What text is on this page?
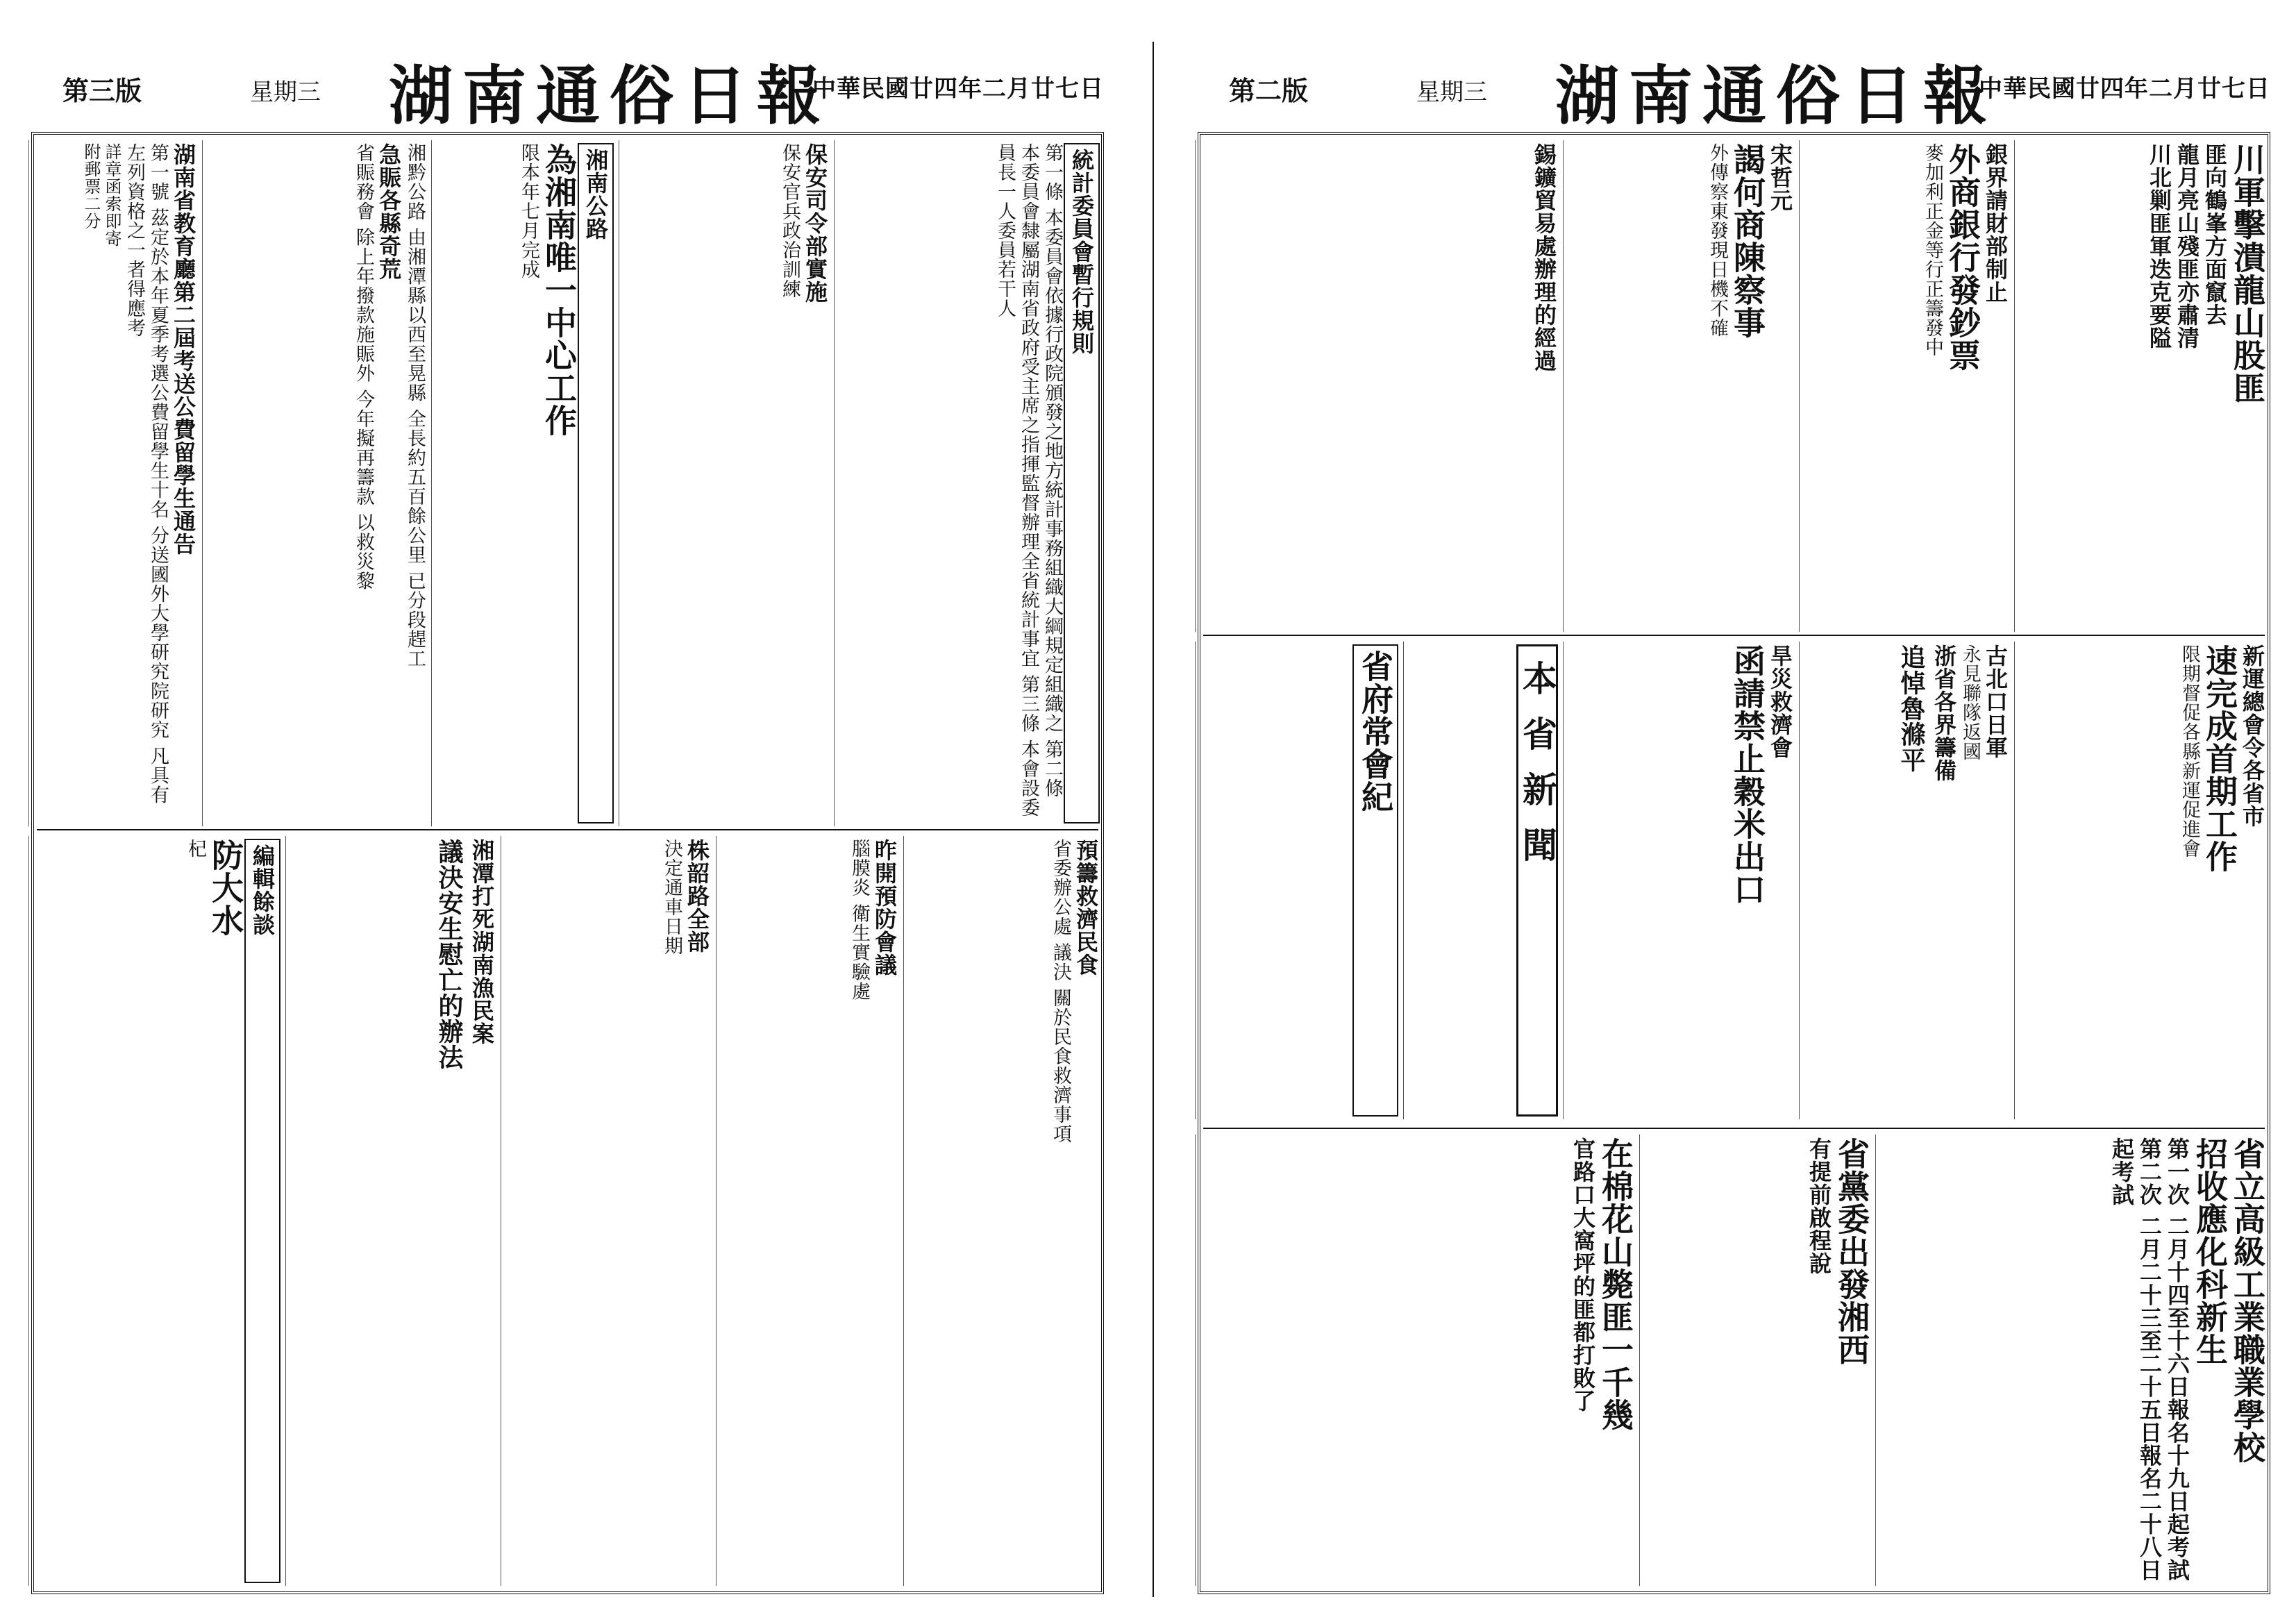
第三版	星期三 湖南通俗日報
中華民國廿四年二月廿七日
統計委員會暫行規則
第一條 本委員會依據行政院頒發之地方統計事務組織大綱規定組織之 第二條 本委員會隸屬湖南省政府受主席之指揮監督辦理全省統計事宜 第三條 本會設委員長一人委員若干人
保安司令部實施
保安官兵政治訓練
湘南公路
為湘南唯一中心工作
限本年七月完成
湘黔公路 由湘潭縣以西至晃縣 全長約五百餘公里 已分段趕工
急賑各縣奇荒
省賑務會 除上年撥款施賑外 今年擬再籌款 以救災黎
湖南省教育廳第二屆考送公費留學生通告
第一號 茲定於本年夏季考選公費留學生十名 分送國外大學研究院研究 凡具有左列資格之一者得應考
詳章函索即寄
附郵票二分
預籌救濟民食
省委辦公處 議決 關於民食救濟事項
昨開預防會議
腦膜炎 衛生實驗處
株韶路全部
決定通車日期
湘潭打死湖南漁民案
議決安生慰亡的辦法
編輯餘談
防大水
杞
第二版	星期三 湖南通俗日報
中華民國廿四年二月廿七日
川軍擊潰龍山股匪
匪向鶴峯方面竄去
龍月亮山殘匪亦肅清
川北剿匪軍迭克要隘
銀界請財部制止
外商銀行發鈔票
麥加利正金等行正籌發中
宋哲元
謁何商陳察事
外傳察東發現日機不確
錫鑛貿易處辦理的經過
新運總會令各省市
速完成首期工作
限期督促各縣新運促進會
古北口日軍
永見聯隊返國
浙省各界籌備
追悼魯滌平
旱災救濟會
函請禁止穀米出口
本省新聞
省府常會紀
省立高級工業職業學校
招收應化科新生
第一次 二月十四至十六日報名十九日起考試
第二次 二月二十三至二十五日報名二十八日起考試
省黨委出發湘西
有提前啟程說
在棉花山斃匪一千幾
官路口大窩坪的匪都打敗了
